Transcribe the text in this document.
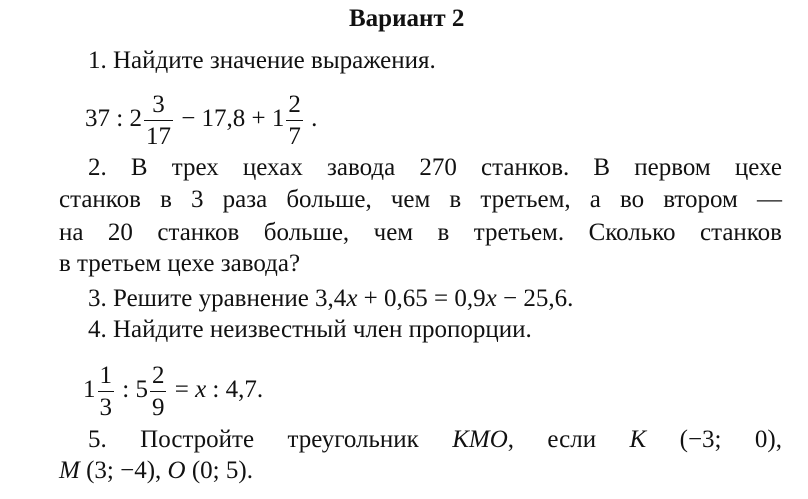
Вариант 2
1. Найдите значение выражения.
37 : $2 \frac{3}{17} - 17,8 + 1 \frac{2}{7}$ .
2. В трех цехах завода 270 станков. В первом цехе
станков в 3 раза больше, чем в третьем, а во втором —
на 20 станков больше, чем в третьем. Сколько станков
в третьем цехе завода?
3. Решите уравнение 3,4x + 0,65 = 0,9x − 25,6.
4. Найдите неизвестный член пропорции.
$1 \frac{1}{3}$ : $5 \frac{2}{9} = x$ : 4,7.
5. Постройте треугольник KMO, если K (−3; 0),
M (3; −4), O (0; 5).
